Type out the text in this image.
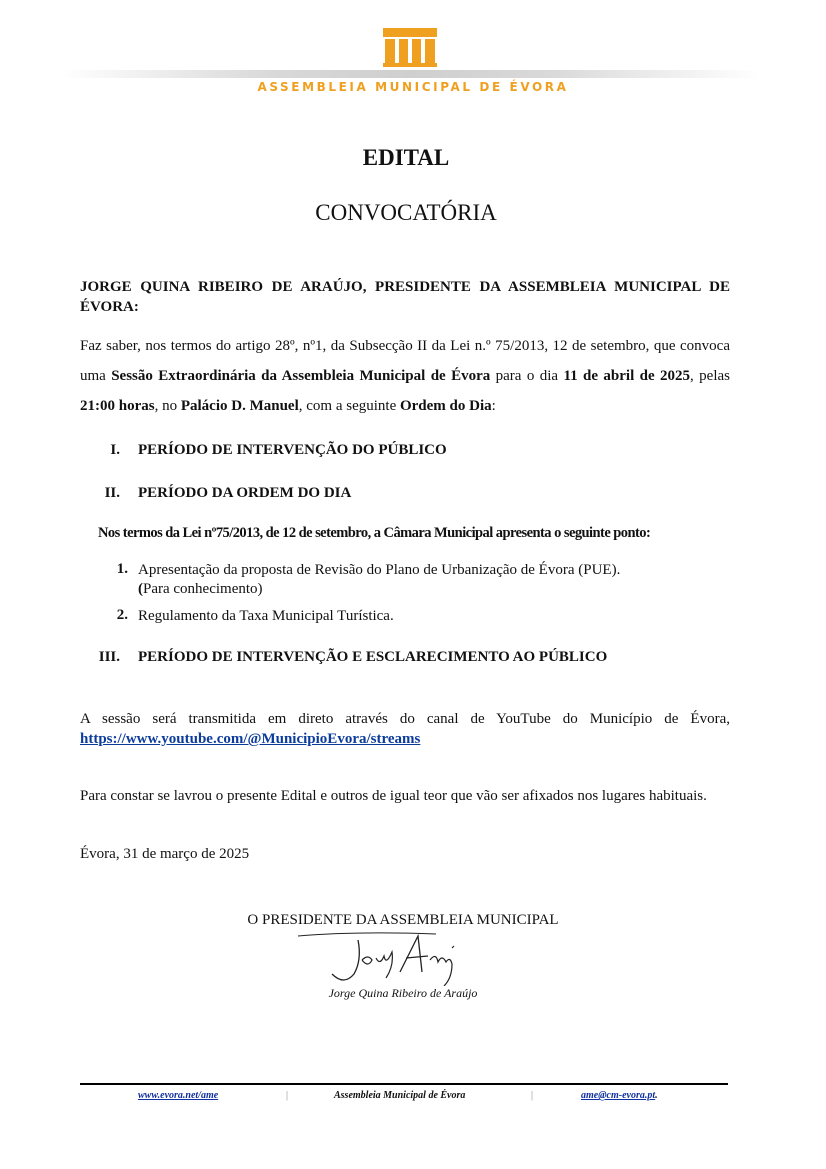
ASSEMBLEIA MUNICIPAL DE ÉVORA
EDITAL
CONVOCATÓRIA
JORGE QUINA RIBEIRO DE ARAÚJO, PRESIDENTE DA ASSEMBLEIA MUNICIPAL DE ÉVORA:
Faz saber, nos termos do artigo 28º, nº1, da Subsecção II da Lei n.º 75/2013, 12 de setembro, que convoca uma Sessão Extraordinária da Assembleia Municipal de Évora para o dia 11 de abril de 2025, pelas 21:00 horas, no Palácio D. Manuel, com a seguinte Ordem do Dia:
I. PERÍODO DE INTERVENÇÃO DO PÚBLICO
II. PERÍODO DA ORDEM DO DIA
Nos termos da Lei nº75/2013, de 12 de setembro, a Câmara Municipal apresenta o seguinte ponto:
1. Apresentação da proposta de Revisão do Plano de Urbanização de Évora (PUE).
(Para conhecimento)
2. Regulamento da Taxa Municipal Turística.
III. PERÍODO DE INTERVENÇÃO E ESCLARECIMENTO AO PÚBLICO
A sessão será transmitida em direto através do canal de YouTube do Município de Évora, https://www.youtube.com/@MunicipioEvora/streams
Para constar se lavrou o presente Edital e outros de igual teor que vão ser afixados nos lugares habituais.
Évora, 31 de março de 2025
O PRESIDENTE DA ASSEMBLEIA MUNICIPAL
Jorge Quina Ribeiro de Araújo
www.evora.net/ame	|	Assembleia Municipal de Évora	|	ame@cm-evora.pt.
